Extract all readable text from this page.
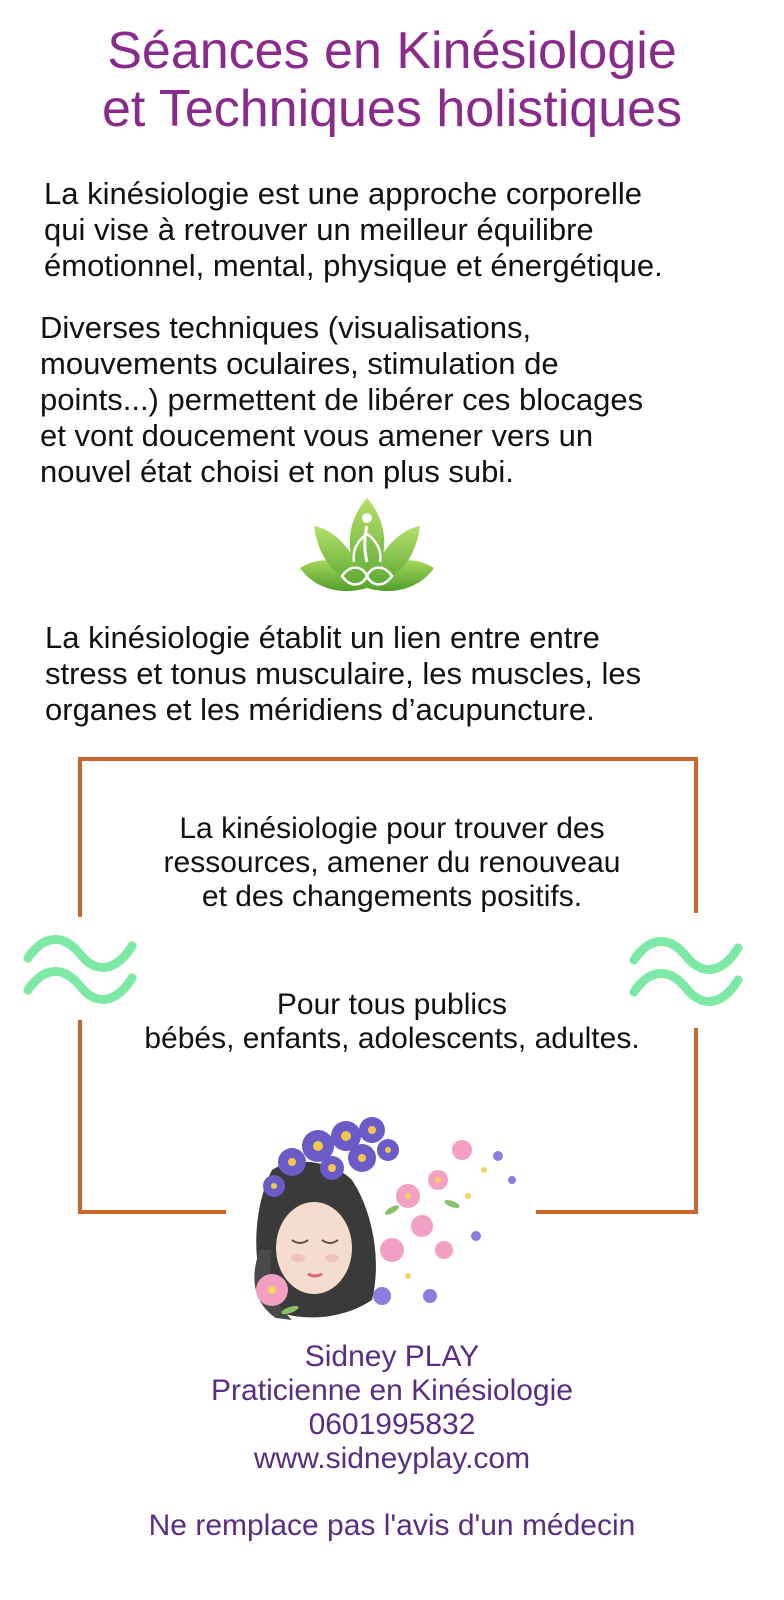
Séances en Kinésiologie
et Techniques holistiques
La kinésiologie est une approche corporelle
qui vise à retrouver un meilleur équilibre
émotionnel, mental, physique et énergétique.
Diverses techniques (visualisations,
mouvements oculaires, stimulation de
points...) permettent de libérer ces blocages
et vont doucement vous amener vers un
nouvel état choisi et non plus subi.
La kinésiologie établit un lien entre entre
stress et tonus musculaire, les muscles, les
organes et les méridiens d’acupuncture.
La kinésiologie pour trouver des
ressources, amener du renouveau
et des changements positifs.
Pour tous publics
bébés, enfants, adolescents, adultes.
Sidney PLAY
Praticienne en Kinésiologie
0601995832
www.sidneyplay.com
Ne remplace pas l'avis d'un médecin
